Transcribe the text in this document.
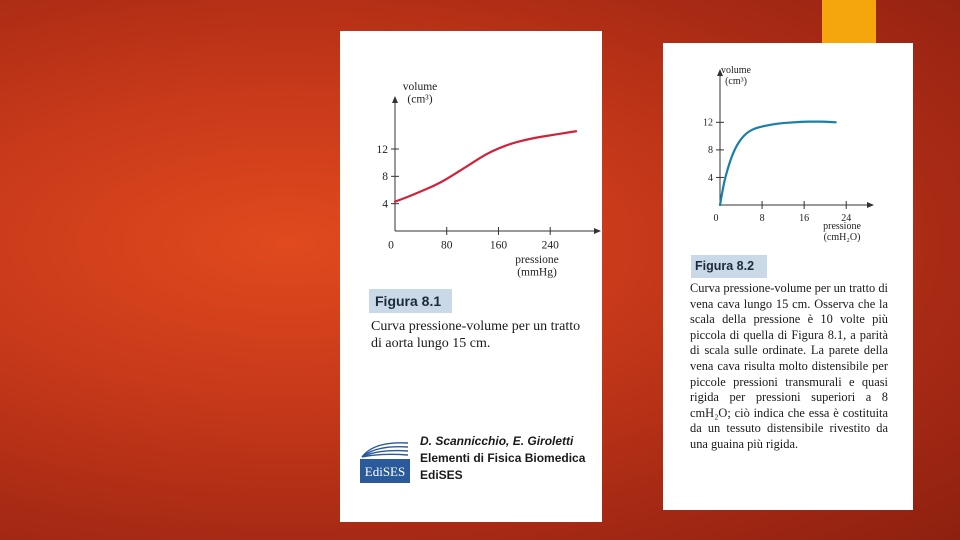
0	80	160	240
4
8
12
volume
(cm³)
pressione
(mmHg)
Figura 8.1
Curva pressione-volume per un tratto di aorta lungo 15 cm.
EdiSES
D. Scannicchio, E. Giroletti
Elementi di Fisica Biomedica
EdiSES
0	8	16	24
4
8
12
volume
(cm³)
pressione
(cmH₂O)
Figura 8.2
Curva pressione-volume per un tratto di vena cava lungo 15 cm. Osserva che la scala della pressione è 10 volte più piccola di quella di Figura 8.1, a parità di scala sulle ordinate. La parete della vena cava risulta molto distensibile per piccole pressioni transmurali e quasi rigida per pressioni superiori a 8 cmH₂O; ciò indica che essa è costituita da un tessuto distensibile rivestito da una guaina più rigida.
